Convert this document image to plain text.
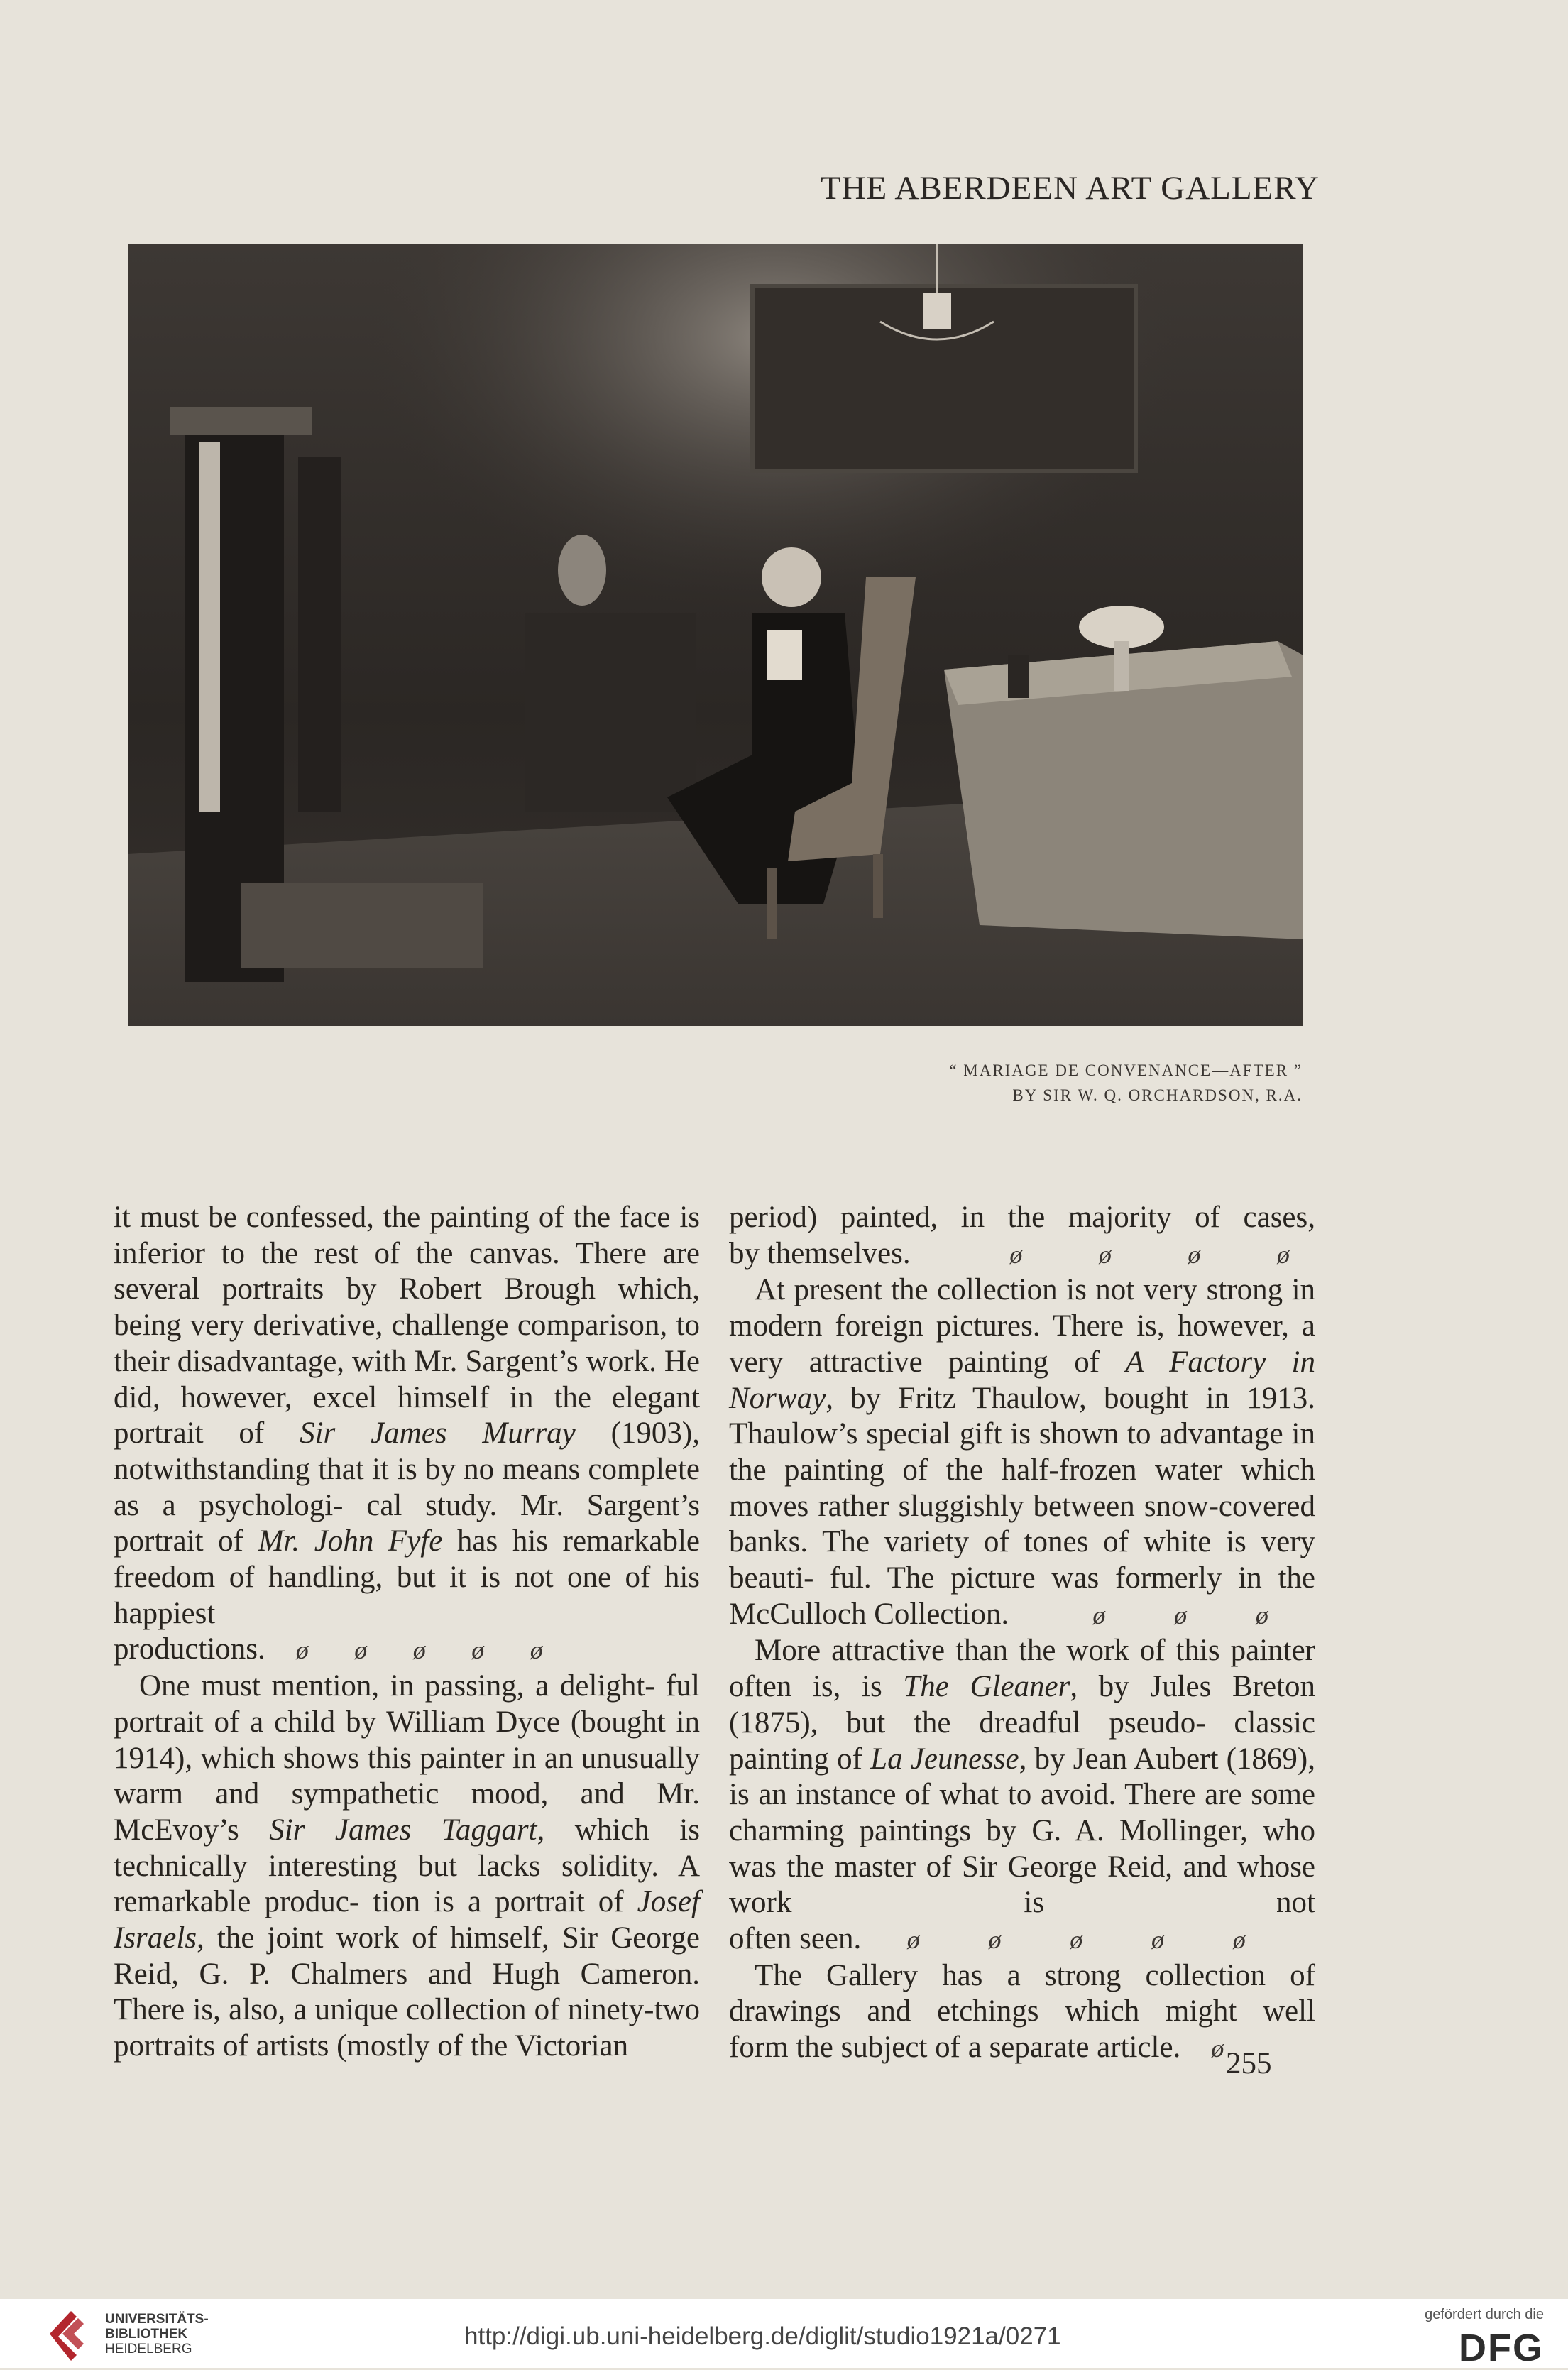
THE ABERDEEN ART GALLERY
“ MARIAGE DE CONVENANCE—AFTER ”
BY SIR W. Q. ORCHARDSON, R.A.

it must be confessed, the painting of the face is inferior to the rest of the canvas. There are several portraits by Robert Brough which, being very derivative, challenge comparison, to their disadvantage, with Mr. Sargent’s work. He did, however, excel himself in the elegant portrait of Sir James Murray (1903), notwithstanding that it is by no means complete as a psychologi- cal study. Mr. Sargent’s portrait of Mr. John Fyfe has his remarkable freedom of handling, but it is not one of his happiest

productions. ø ø ø ø ø

One must mention, in passing, a delight- ful portrait of a child by William Dyce (bought in 1914), which shows this painter in an unusually warm and sympathetic mood, and Mr. McEvoy’s Sir James Taggart, which is technically interesting but lacks solidity. A remarkable produc- tion is a portrait of Josef Israels, the joint work of himself, Sir George Reid, G. P. Chalmers and Hugh Cameron. There is, also, a unique collection of ninety-two portraits of artists (mostly of the Victorian

period) painted, in the majority of cases,

by themselves.	ø	ø	ø	ø

At present the collection is not very strong in modern foreign pictures. There is, however, a very attractive painting of A Factory in Norway, by Fritz Thaulow, bought in 1913. Thaulow’s special gift is shown to advantage in the painting of the half-frozen water which moves rather sluggishly between snow-covered banks. The variety of tones of white is very beauti- ful. The picture was formerly in the

McCulloch Collection.	ø	ø	ø

More attractive than the work of this painter often is, is The Gleaner, by Jules Breton (1875), but the dreadful pseudo- classic painting of La Jeunesse, by Jean Aubert (1869), is an instance of what to avoid. There are some charming paintings by G. A. Mollinger, who was the master of Sir George Reid, and whose work is not

often seen. ø	ø	ø	ø	ø

The Gallery has a strong collection of drawings and etchings which might well

form the subject of a separate article. ø 255
UNIVERSITÄTS-
BIBLIOTHEK
HEIDELBERG	http://digi.ub.uni-heidelberg.de/diglit/studio1921a/0271
gefördert durch die
DFG
